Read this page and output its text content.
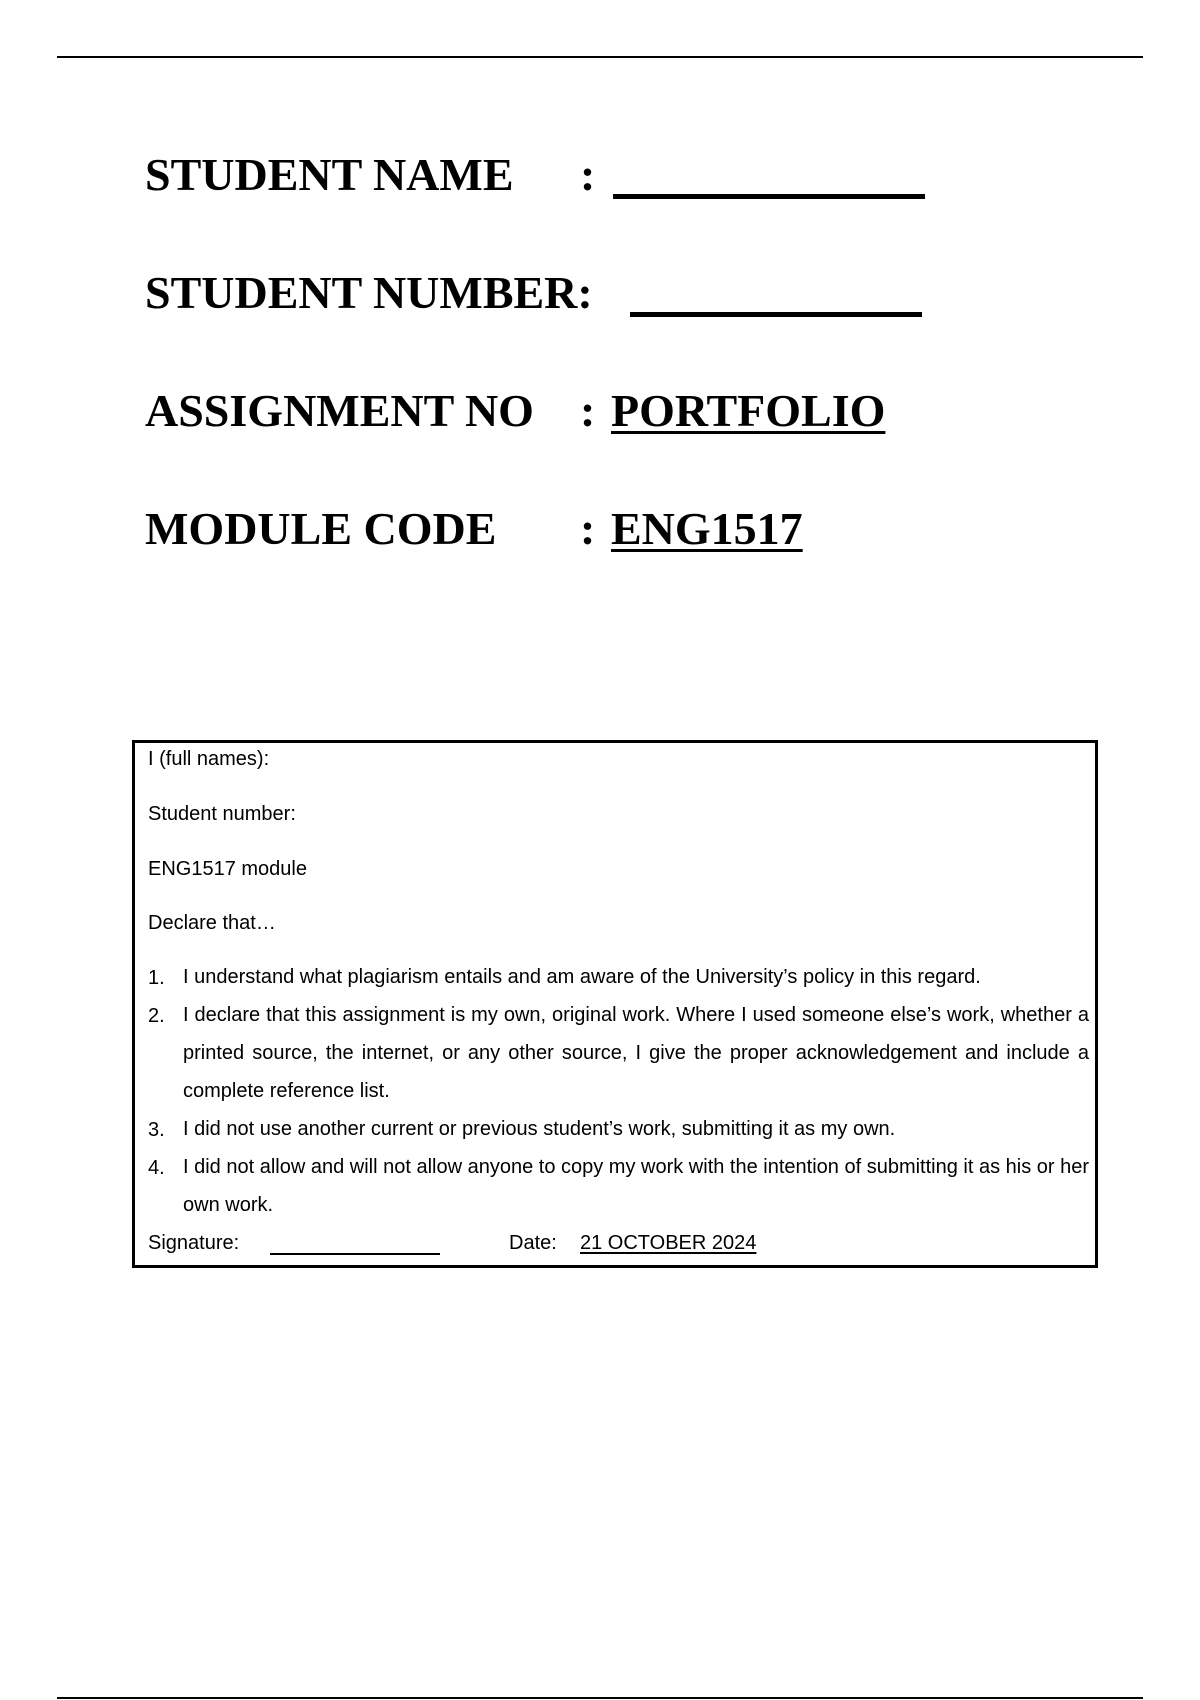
STUDENT NAME :
STUDENT NUMBER:
ASSIGNMENT NO : PORTFOLIO
MODULE CODE : ENG1517
I (full names):
Student number:
ENG1517 module
Declare that…
1. I understand what plagiarism entails and am aware of the University’s policy in this regard.
2. I declare that this assignment is my own, original work. Where I used someone else’s work, whether a printed source, the internet, or any other source, I give the proper acknowledgement and include a complete reference list.
3. I did not use another current or previous student’s work, submitting it as my own.
4. I did not allow and will not allow anyone to copy my work with the intention of submitting it as his or her own work.
Signature:	Date: 21 OCTOBER 2024
